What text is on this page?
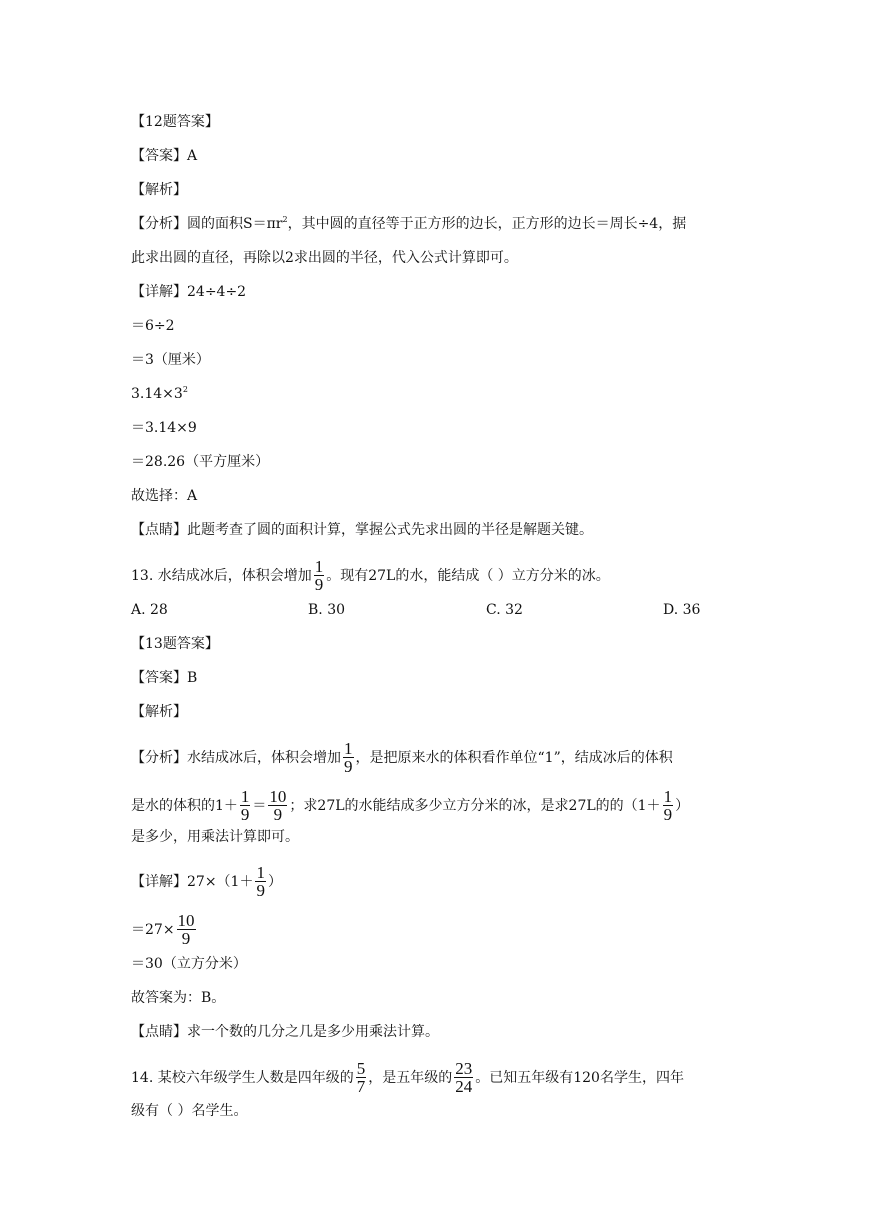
【12题答案】
【答案】A
【解析】
【分析】圆的面积$S=\pi r^2$ ，其中圆的直径等于正方形的边长，正方形的边长＝周长÷4，据
此求出圆的直径，再除以2求出圆的半径，代入公式计算即可。
【详解】24÷4÷2
＝6÷2
＝3（厘米）
$3.14\times 3^2$
＝3.14×9
＝28.26（平方厘米）
故选择：A
【点睛】此题考查了圆的面积计算，掌握公式先求出圆的半径是解题关键。
13. 水结成冰后，体积会增加 $\frac{1}{9}$ 。现有27L的水，能结成（ ）立方分米的冰。
A. 28	B. 30	C. 32	D. 36
【13题答案】
【答案】B
【解析】
【分析】水结成冰后，体积会增加 $\frac{1}{9}$ ，是把原来水的体积看作单位“1”，结成冰后的体积
是水的体积的$1+ \frac{1}{9} = \frac{10}{9}$ ；求27L的水能结成多少立方分米的冰，是求27L的的（$1+ \frac{1}{9}$ ）
是多少，用乘法计算即可。
【详解】$27\times(1+ \frac{1}{9}$ ）
$=27\times \frac{10}{9}$
＝30（立方分米）
故答案为：B。
【点睛】求一个数的几分之几是多少用乘法计算。
14. 某校六年级学生人数是四年级的 $\frac{5}{7}$ ，是五年级的 $\frac{23}{24}$ 。已知五年级有120名学生，四年
级有（ ）名学生。
